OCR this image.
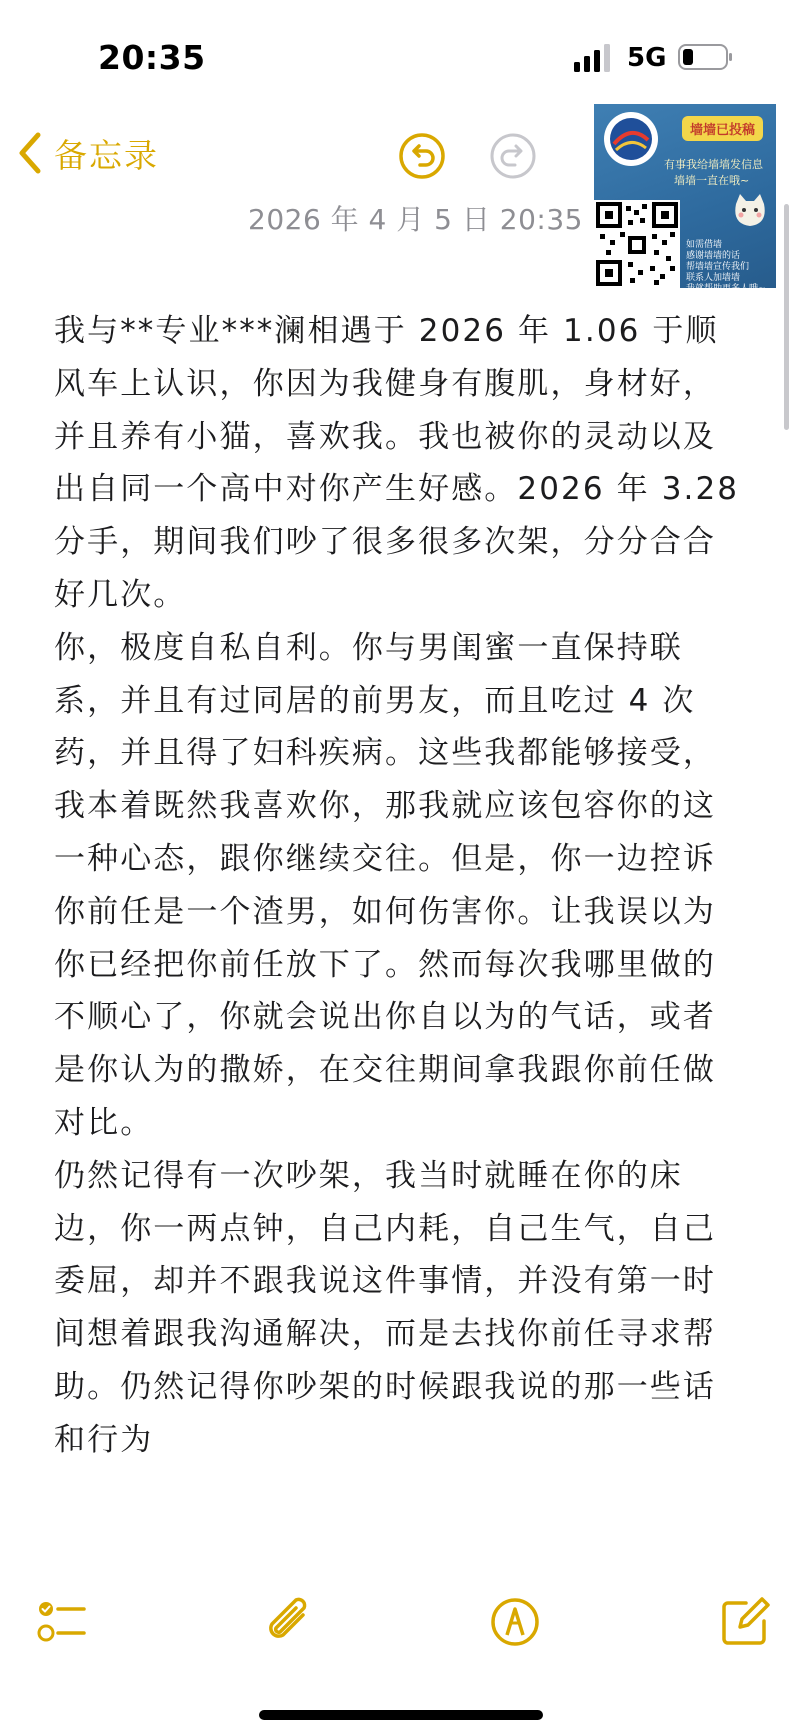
20:35	5G
备忘录
2026 年 4 月 5 日 20:35
墙墙已投稿
有事我给墙墙发信息
墙墙一直在哦~
如需借墙
感谢墙墙的话
帮墙墙宣传我们
联系人加墙墙
我就帮助更多人哦~

我与**专业***澜相遇于 2026 年 1.06 于顺风车上认识，你因为我健身有腹肌，身材好，并且养有小猫，喜欢我。我也被你的灵动以及出自同一个高中对你产生好感。2026 年 3.28 分手，期间我们吵了很多很多次架，分分合合好几次。

你，极度自私自利。你与男闺蜜一直保持联系，并且有过同居的前男友，而且吃过 4 次药，并且得了妇科疾病。这些我都能够接受，我本着既然我喜欢你，那我就应该包容你的这一种心态，跟你继续交往。但是，你一边控诉你前任是一个渣男，如何伤害你。让我误以为你已经把你前任放下了。然而每次我哪里做的不顺心了，你就会说出你自以为的气话，或者是你认为的撒娇，在交往期间拿我跟你前任做对比。

仍然记得有一次吵架，我当时就睡在你的床边，你一两点钟，自己内耗，自己生气，自己委屈，却并不跟我说这件事情，并没有第一时间想着跟我沟通解决，而是去找你前任寻求帮助。仍然记得你吵架的时候跟我说的那一些话和行为
